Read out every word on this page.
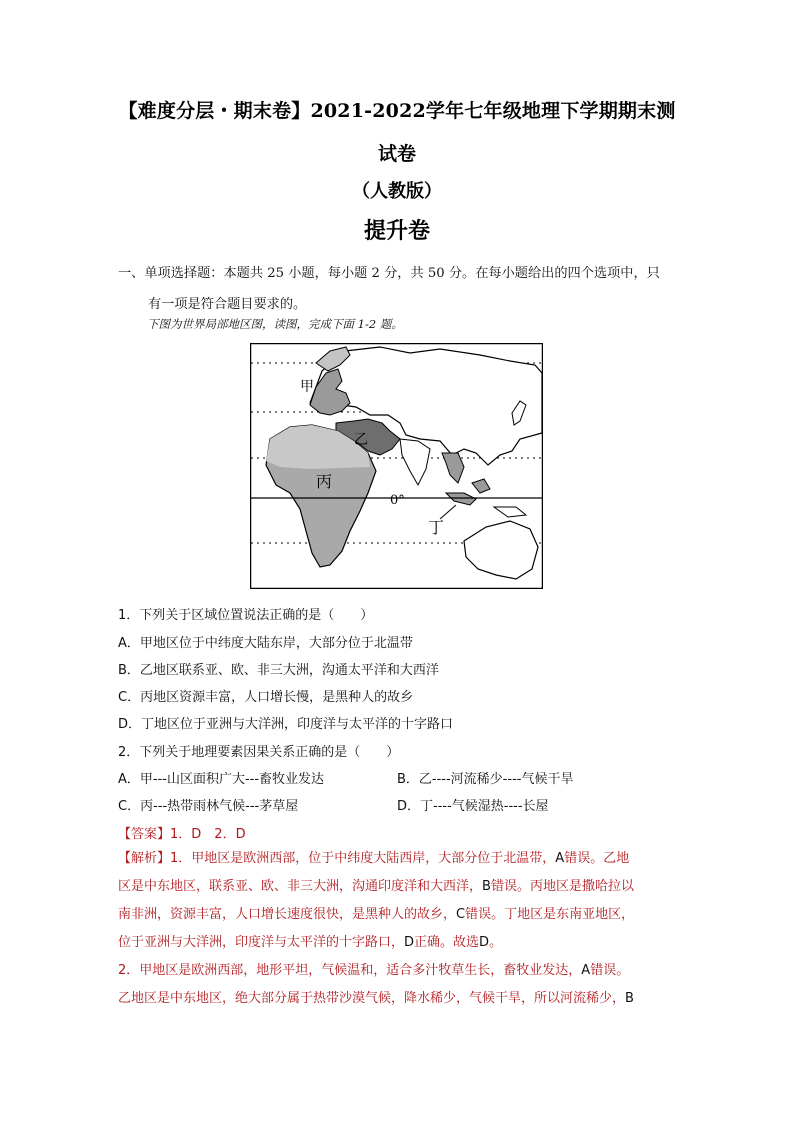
【难度分层・期末卷】2021-2022学年七年级地理下学期期末测
试卷
（人教版）
提升卷
一、单项选择题：本题共 25 小题，每小题 2 分，共 50 分。在每小题给出的四个选项中，只
有一项是符合题目要求的。
下图为世界局部地区图，读图，完成下面 1-2 题。
甲
乙
丙
丁
0°
1．下列关于区域位置说法正确的是（　　）
A．甲地区位于中纬度大陆东岸，大部分位于北温带
B．乙地区联系亚、欧、非三大洲，沟通太平洋和大西洋
C．丙地区资源丰富，人口增长慢，是黑种人的故乡
D．丁地区位于亚洲与大洋洲，印度洋与太平洋的十字路口
2．下列关于地理要素因果关系正确的是（　　）
A．甲---山区面积广大---畜牧业发达	B．乙----河流稀少----气候干旱
C．丙---热带雨林气候---茅草屋	D．丁----气候湿热----长屋
【答案】1．D　2．D
【解析】1．甲地区是欧洲西部，位于中纬度大陆西岸，大部分位于北温带，A错误。乙地
区是中东地区，联系亚、欧、非三大洲，沟通印度洋和大西洋，B错误。丙地区是撒哈拉以
南非洲，资源丰富，人口增长速度很快，是黑种人的故乡，C错误。丁地区是东南亚地区，
位于亚洲与大洋洲，印度洋与太平洋的十字路口，D正确。故选D。
2．甲地区是欧洲西部，地形平坦，气候温和，适合多汁牧草生长，畜牧业发达，A错误。
乙地区是中东地区，绝大部分属于热带沙漠气候，降水稀少，气候干旱，所以河流稀少，B
